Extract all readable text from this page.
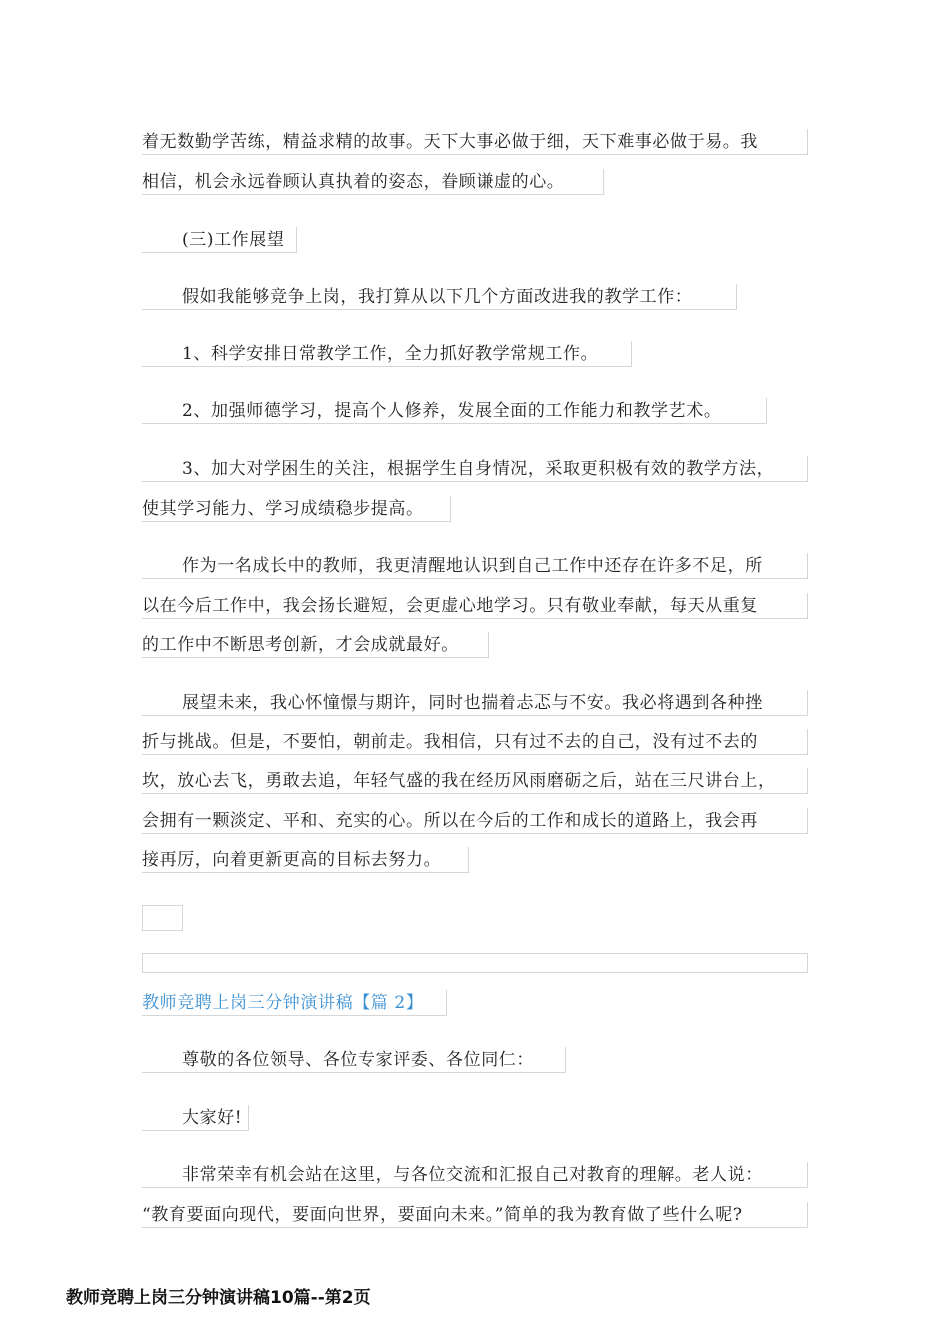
着无数勤学苦练，精益求精的故事。天下大事必做于细，天下难事必做于易。我
相信，机会永远眷顾认真执着的姿态，眷顾谦虚的心。
(三)工作展望
假如我能够竞争上岗，我打算从以下几个方面改进我的教学工作：
1、科学安排日常教学工作，全力抓好教学常规工作。
2、加强师德学习，提高个人修养，发展全面的工作能力和教学艺术。
3、加大对学困生的关注，根据学生自身情况，采取更积极有效的教学方法，
使其学习能力、学习成绩稳步提高。
作为一名成长中的教师，我更清醒地认识到自己工作中还存在许多不足，所
以在今后工作中，我会扬长避短，会更虚心地学习。只有敬业奉献，每天从重复
的工作中不断思考创新，才会成就最好。
展望未来，我心怀憧憬与期许，同时也揣着忐忑与不安。我必将遇到各种挫
折与挑战。但是，不要怕，朝前走。我相信，只有过不去的自己，没有过不去的
坎，放心去飞，勇敢去追，年轻气盛的我在经历风雨磨砺之后，站在三尺讲台上，
会拥有一颗淡定、平和、充实的心。所以在今后的工作和成长的道路上，我会再
接再厉，向着更新更高的目标去努力。
教师竞聘上岗三分钟演讲稿【篇 2】
尊敬的各位领导、各位专家评委、各位同仁：
大家好!
非常荣幸有机会站在这里，与各位交流和汇报自己对教育的理解。老人说：
“教育要面向现代，要面向世界，要面向未来。”简单的我为教育做了些什么呢?
教师竞聘上岗三分钟演讲稿10篇--第2页
